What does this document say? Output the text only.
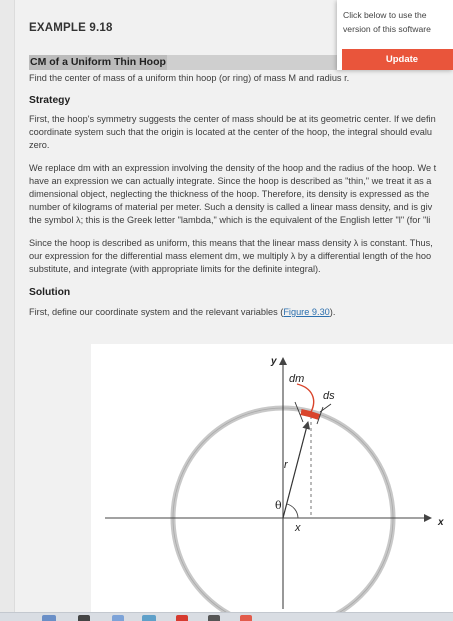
EXAMPLE 9.18
CM of a Uniform Thin Hoop
Find the center of mass of a uniform thin hoop (or ring) of mass M and radius r.
Strategy
First, the hoop's symmetry suggests the center of mass should be at its geometric center. If we defin
coordinate system such that the origin is located at the center of the hoop, the integral should evalu
zero.
We replace dm with an expression involving the density of the hoop and the radius of the hoop. We t
have an expression we can actually integrate. Since the hoop is described as "thin," we treat it as a
dimensional object, neglecting the thickness of the hoop. Therefore, its density is expressed as the
number of kilograms of material per meter. Such a density is called a linear mass density, and is giv
the symbol λ; this is the Greek letter "lambda," which is the equivalent of the English letter "l" (for "li
Since the hoop is described as uniform, this means that the linear mass density λ is constant. Thus,
our expression for the differential mass element dm, we multiply λ by a differential length of the hoo
substitute, and integrate (with appropriate limits for the definite integral).
Solution
First, define our coordinate system and the relevant variables (Figure 9.30).
y
x
dm
ds
r
θ
x
Click below to use the
version of this software
Update
